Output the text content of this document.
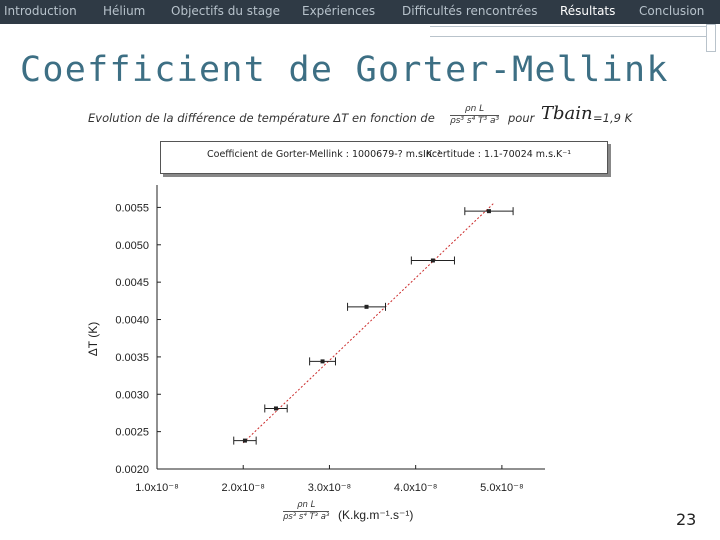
Introduction Hélium Objectifs du stage Expériences Difficultés rencontrées Résultats Conclusion
Coefficient de Gorter-Mellink
Evolution de la différence de température ΔT en fonction de $\frac{\text{ρn L}}{\text{ρs³ s⁴ T³ a³}}$ pour Tbain =1,9 K
Coefficient de Gorter-Mellink : 1000679-? m.s.K⁻¹
Incertitude : 1.1-70024 m.s.K⁻¹
0.0020
0.0025
0.0030
0.0035
0.0040
0.0045
0.0050
0.0055
1.0x10⁻⁸	2.0x10⁻⁸	3.0x10⁻⁸	4.0x10⁻⁸	5.0x10⁻⁸
ΔT (K)
$\frac{\text{ρn L}}{\text{ρs³ s⁴ T³ a³}} (K.kg.m^{-1}.s^{-1})$	23
